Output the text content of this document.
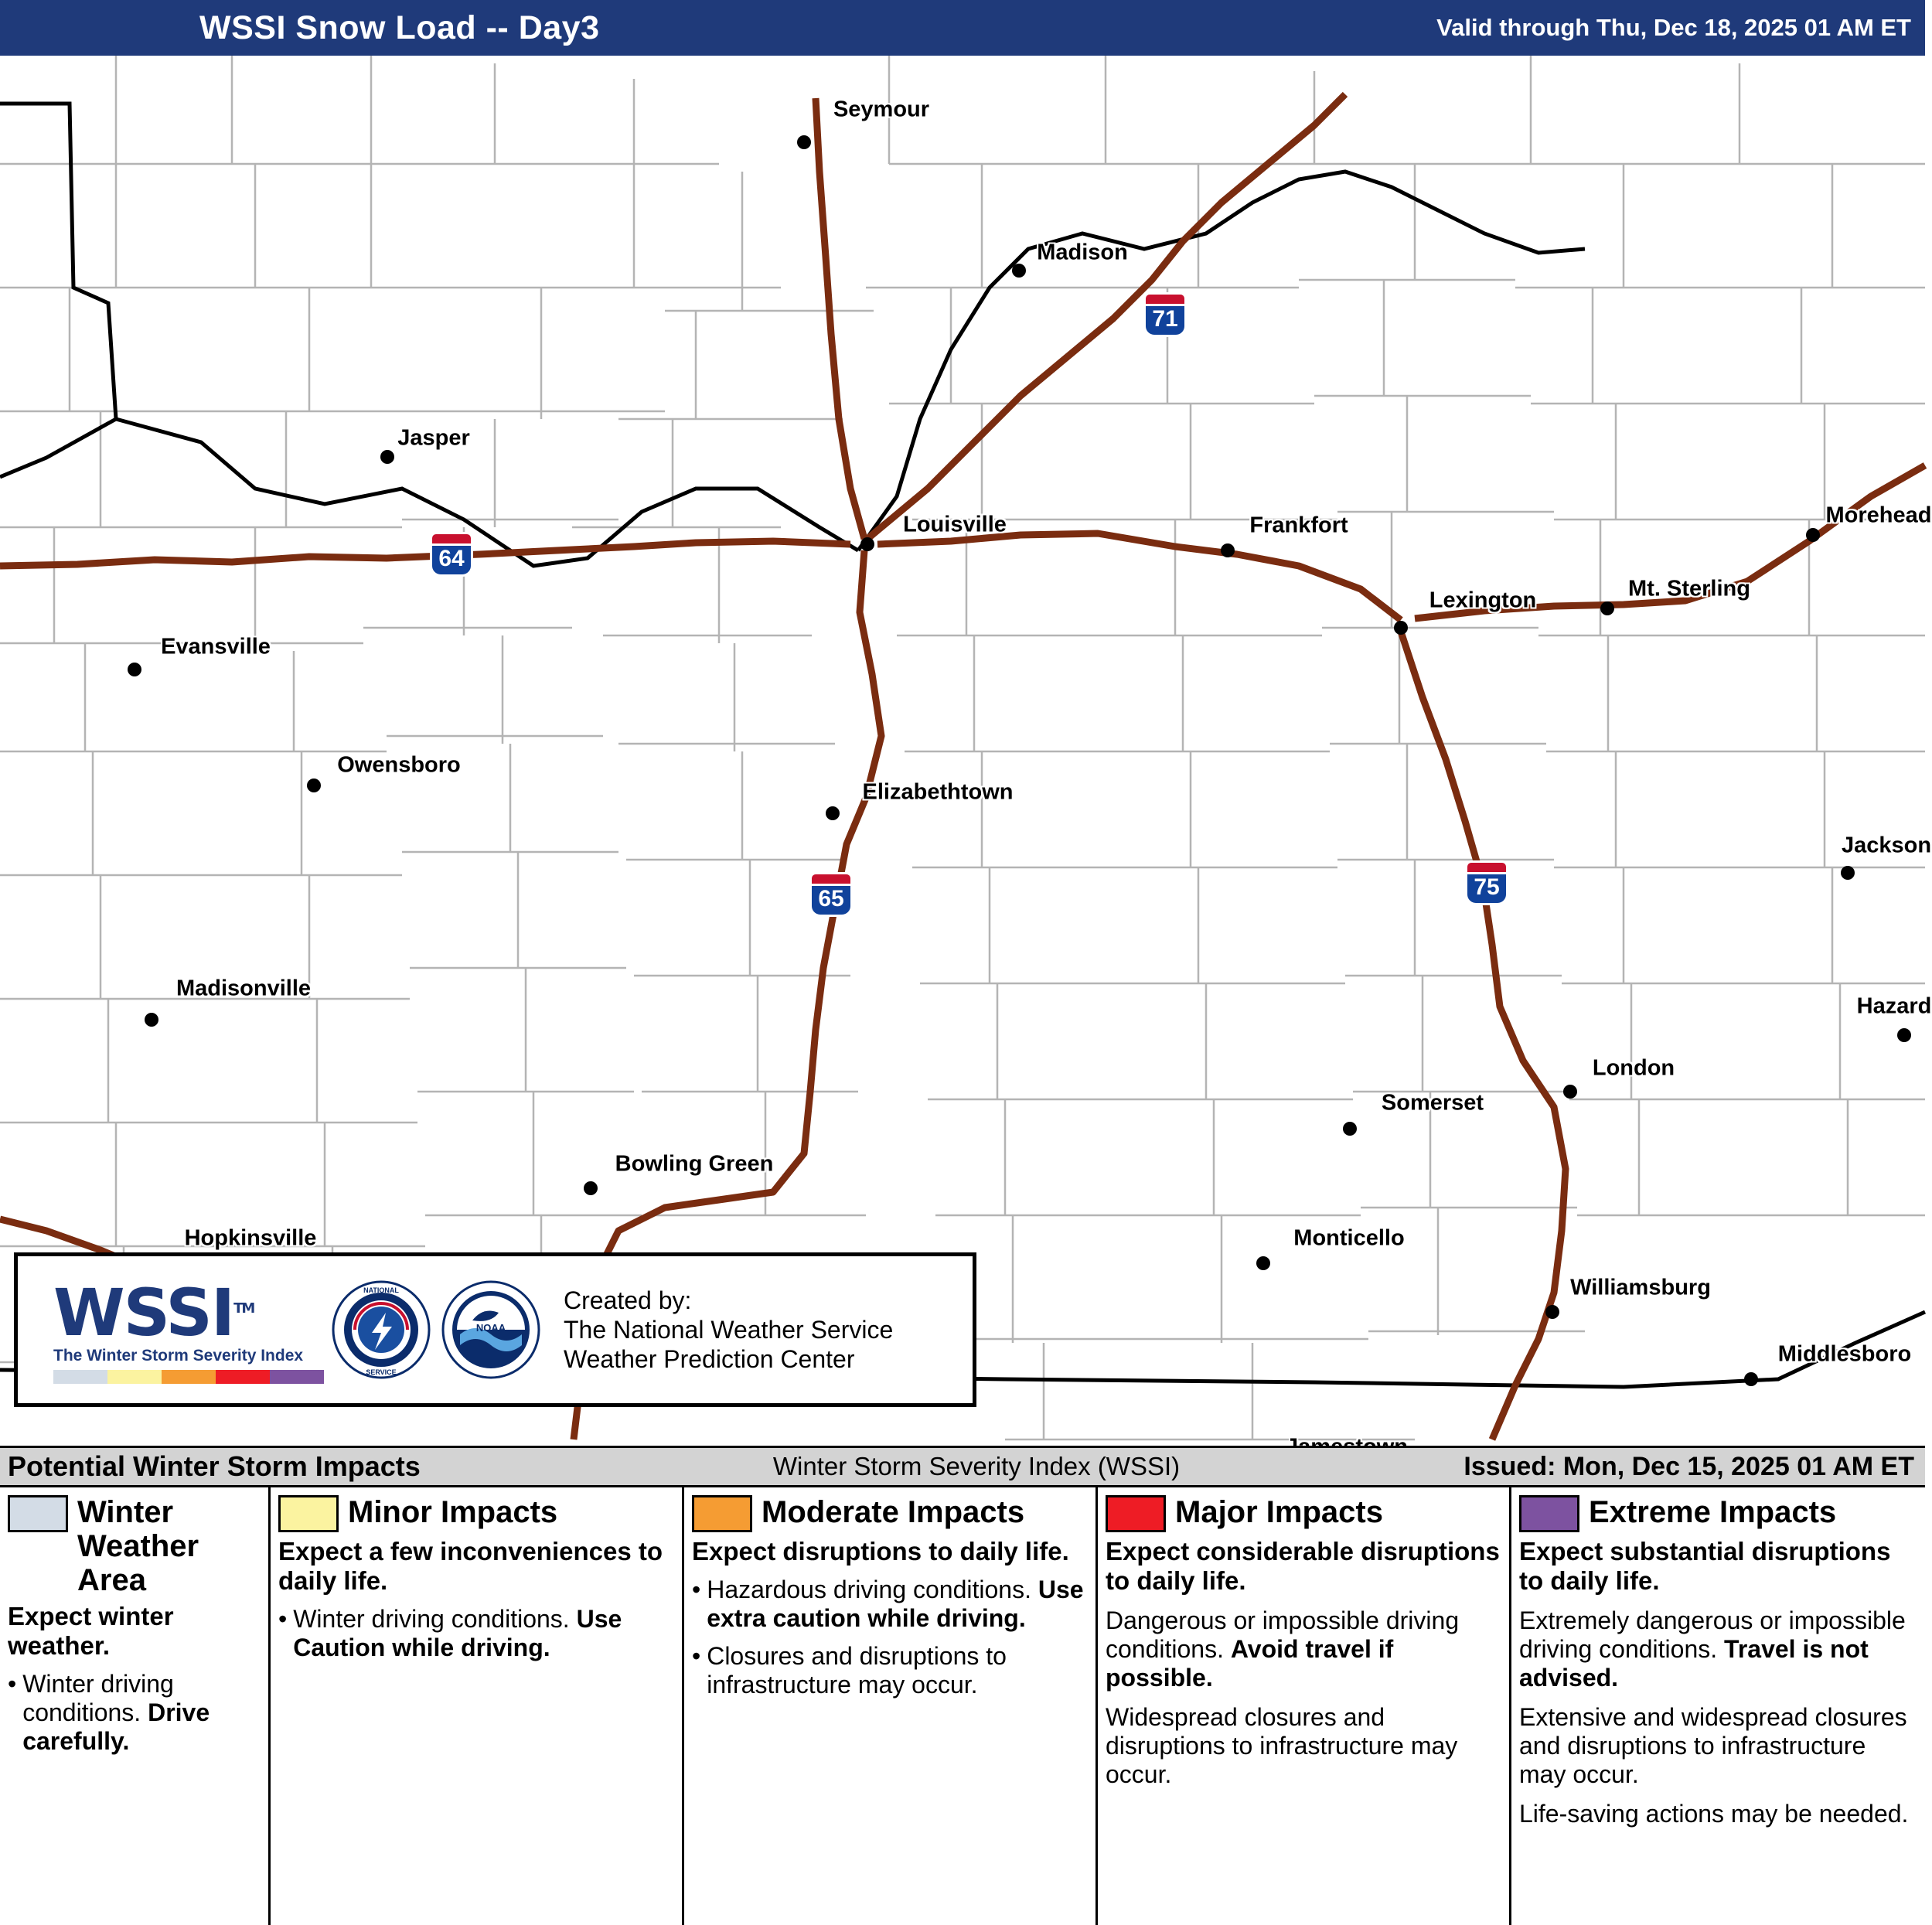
WSSI Snow Load -- Day3	Valid through Thu, Dec 18, 2025 01 AM ET
Seymour
Madison
Jasper
Louisville	Frankfort	Morehead
Lexington	Mt. Sterling
Evansville
Owensboro
Elizabethtown
Jackson
Madisonville
Hazard
London
Somerset
Bowling Green
Monticello
Hopkinsville
Williamsburg
Middlesboro
71
64
65	75
WSSI™
The Winter Storm Severity Index
NATIONAL
SERVICE
NOAA
Created by:
The National Weather Service
Weather Prediction Center
Potential Winter Storm Impacts	Winter Storm Severity Index (WSSI)	Issued: Mon, Dec 15, 2025 01 AM ET
Winter Weather Area
Expect winter weather.
• Winter driving conditions. Drive carefully.
Minor Impacts
Expect a few inconveniences to daily life.
• Winter driving conditions. Use Caution while driving.
Moderate Impacts
Expect disruptions to daily life.
• Hazardous driving conditions. Use extra caution while driving.
• Closures and disruptions to infrastructure may occur.
Major Impacts
Expect considerable disruptions to daily life.
Dangerous or impossible driving conditions. Avoid travel if possible.
Widespread closures and disruptions to infrastructure may occur.
Extreme Impacts
Expect substantial disruptions to daily life.
Extremely dangerous or impossible driving conditions. Travel is not advised.
Extensive and widespread closures and disruptions to infrastructure may occur.
Life-saving actions may be needed.
